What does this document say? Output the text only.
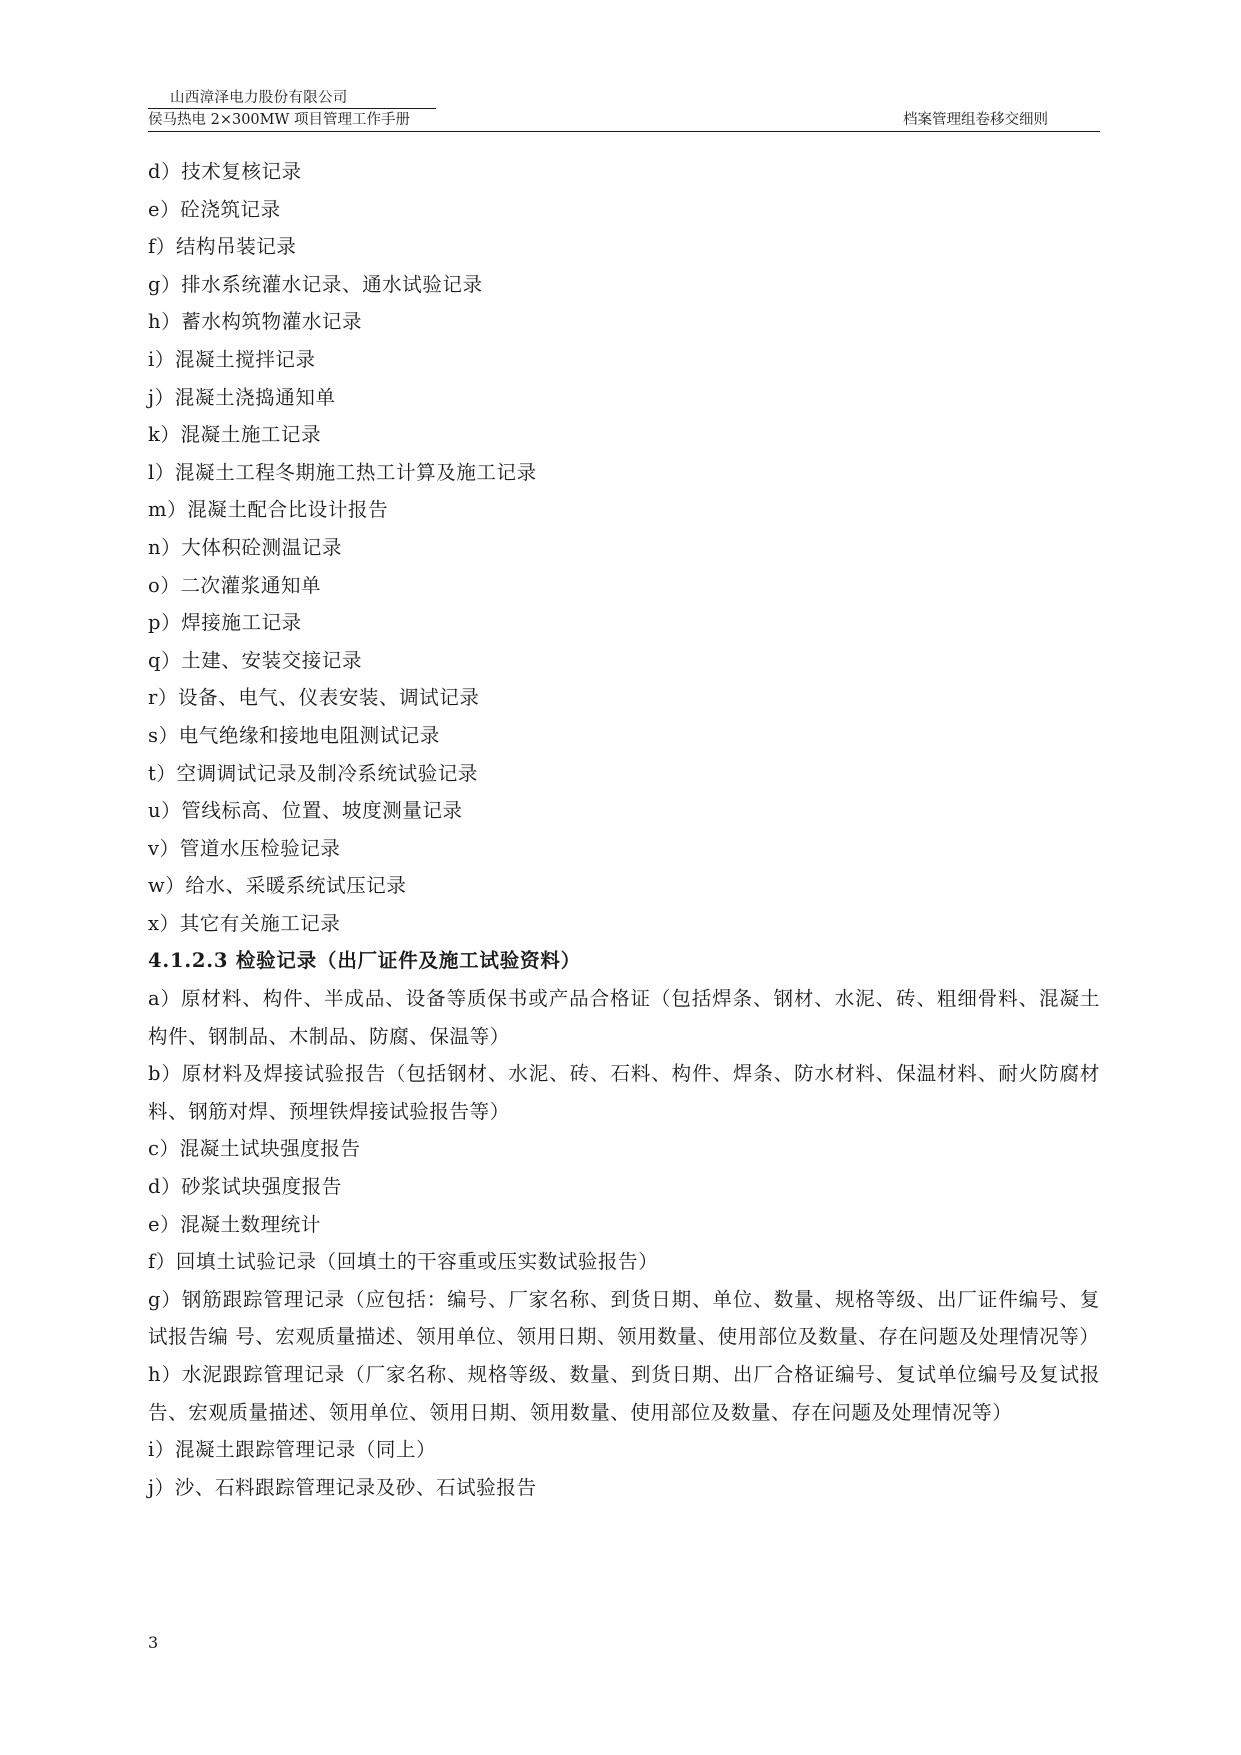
山西漳泽电力股份有限公司
侯马热电 2×300MW 项目管理工作手册	档案管理组卷移交细则

d）技术复核记录

e）砼浇筑记录

f）结构吊装记录

g）排水系统灌水记录、通水试验记录

h）蓄水构筑物灌水记录

i）混凝土搅拌记录

j）混凝土浇捣通知单

k）混凝土施工记录

l）混凝土工程冬期施工热工计算及施工记录

m）混凝土配合比设计报告

n）大体积砼测温记录

o）二次灌浆通知单

p）焊接施工记录

q）土建、安装交接记录

r）设备、电气、仪表安装、调试记录

s）电气绝缘和接地电阻测试记录

t）空调调试记录及制冷系统试验记录

u）管线标高、位置、坡度测量记录

v）管道水压检验记录

w）给水、采暖系统试压记录

x）其它有关施工记录

4.1.2.3 检验记录（出厂证件及施工试验资料）

a）原材料、构件、半成品、设备等质保书或产品合格证（包括焊条、钢材、水泥、砖、粗细骨料、混凝土构件、钢制品、木制品、防腐、保温等）

b）原材料及焊接试验报告（包括钢材、水泥、砖、石料、构件、焊条、防水材料、保温材料、耐火防腐材料、钢筋对焊、预埋铁焊接试验报告等）

c）混凝土试块强度报告

d）砂浆试块强度报告

e）混凝土数理统计

f）回填土试验记录（回填土的干容重或压实数试验报告）

g）钢筋跟踪管理记录（应包括：编号、厂家名称、到货日期、单位、数量、规格等级、出厂证件编号、复试报告编 号、宏观质量描述、领用单位、领用日期、领用数量、使用部位及数量、存在问题及处理情况等）

h）水泥跟踪管理记录（厂家名称、规格等级、数量、到货日期、出厂合格证编号、复试单位编号及复试报告、宏观质量描述、领用单位、领用日期、领用数量、使用部位及数量、存在问题及处理情况等）

i）混凝土跟踪管理记录（同上）

j）沙、石料跟踪管理记录及砂、石试验报告

3
